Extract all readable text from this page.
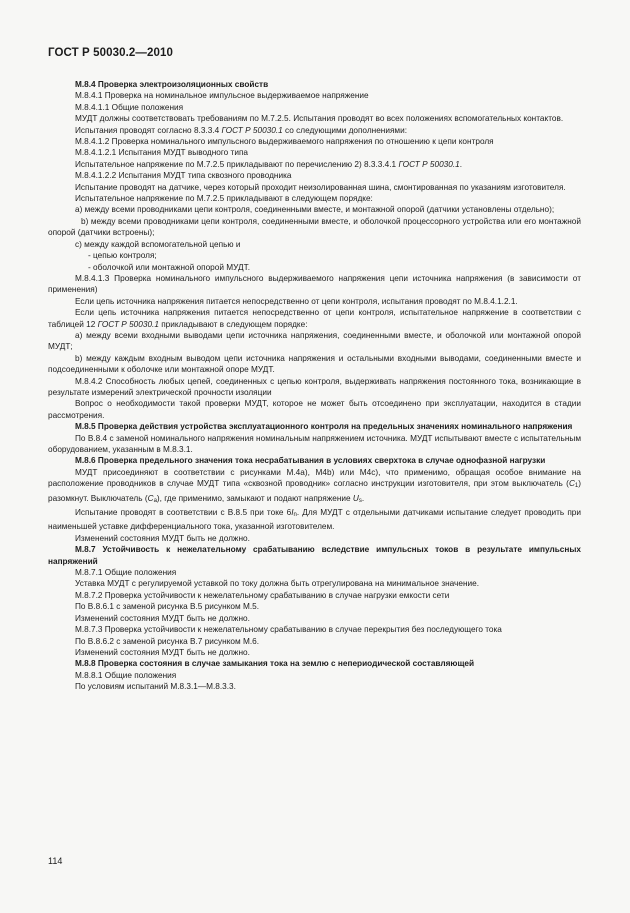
ГОСТ Р 50030.2—2010

М.8.4 Проверка электроизоляционных свойств

М.8.4.1 Проверка на номинальное импульсное выдерживаемое напряжение

М.8.4.1.1 Общие положения

МУДТ должны соответствовать требованиям по М.7.2.5. Испытания проводят во всех положениях вспомогательных контактов.

Испытания проводят согласно 8.3.3.4 ГОСТ Р 50030.1 со следующими дополнениями:

М.8.4.1.2 Проверка номинального импульсного выдерживаемого напряжения по отношению к цепи контроля

М.8.4.1.2.1 Испытания МУДТ выводного типа

Испытательное напряжение по М.7.2.5 прикладывают по перечислению 2) 8.3.3.4.1 ГОСТ Р 50030.1.

М.8.4.1.2.2 Испытания МУДТ типа сквозного проводника

Испытание проводят на датчике, через который проходит неизолированная шина, смонтированная по указаниям изготовителя.

Испытательное напряжение по М.7.2.5 прикладывают в следующем порядке:

а) между всеми проводниками цепи контроля, соединенными вместе, и монтажной опорой (датчики установлены отдельно);

b) между всеми проводниками цепи контроля, соединенными вместе, и оболочкой процессорного устройства или его монтажной опорой (датчики встроены);

с) между каждой вспомогательной цепью и

- цепью контроля;

- оболочкой или монтажной опорой МУДТ.

М.8.4.1.3 Проверка номинального импульсного выдерживаемого напряжения цепи источника напряжения (в зависимости от применения)

Если цепь источника напряжения питается непосредственно от цепи контроля, испытания проводят по М.8.4.1.2.1.

Если цепь источника напряжения питается непосредственно от цепи контроля, испытательное напряжение в соответствии с таблицей 12 ГОСТ Р 50030.1 прикладывают в следующем порядке:

а) между всеми входными выводами цепи источника напряжения, соединенными вместе, и оболочкой или монтажной опорой МУДТ;

b) между каждым входным выводом цепи источника напряжения и остальными входными выводами, соединенными вместе и подсоединенными к оболочке или монтажной опоре МУДТ.

М.8.4.2 Способность любых цепей, соединенных с цепью контроля, выдерживать напряжения постоянного тока, возникающие в результате измерений электрической прочности изоляции

Вопрос о необходимости такой проверки МУДТ, которое не может быть отсоединено при эксплуатации, находится в стадии рассмотрения.

М.8.5 Проверка действия устройства эксплуатационного контроля на предельных значениях номинального напряжения

По В.8.4 с заменой номинального напряжения номинальным напряжением источника. МУДТ испытывают вместе с испытательным оборудованием, указанным в М.8.3.1.

М.8.6 Проверка предельного значения тока несрабатывания в условиях сверхтока в случае однофазной нагрузки

МУДТ присоединяют в соответствии с рисунками М.4а), М4b) или М4с), что применимо, обращая особое внимание на расположение проводников в случае МУДТ типа «сквозной проводник» согласно инструкции изготовителя, при этом выключатель (C1) разомкнут. Выключатель (Ca), где применимо, замыкают и подают напряжение Us.

Испытание проводят в соответствии с В.8.5 при токе 6In. Для МУДТ с отдельными датчиками испытание следует проводить при наименьшей уставке дифференциального тока, указанной изготовителем.

Изменений состояния МУДТ быть не должно.

М.8.7 Устойчивость к нежелательному срабатыванию вследствие импульсных токов в результате импульсных напряжений

М.8.7.1 Общие положения

Уставка МУДТ с регулируемой уставкой по току должна быть отрегулирована на минимальное значение.

М.8.7.2 Проверка устойчивости к нежелательному срабатыванию в случае нагрузки емкости сети

По В.8.6.1 с заменой рисунка В.5 рисунком М.5.

Изменений состояния МУДТ быть не должно.

М.8.7.3 Проверка устойчивости к нежелательному срабатыванию в случае перекрытия без последующего тока

По В.8.6.2 с заменой рисунка В.7 рисунком М.6.

Изменений состояния МУДТ быть не должно.

М.8.8 Проверка состояния в случае замыкания тока на землю с непериодической составляющей

М.8.8.1 Общие положения

По условиям испытаний М.8.3.1—М.8.3.3.

114
